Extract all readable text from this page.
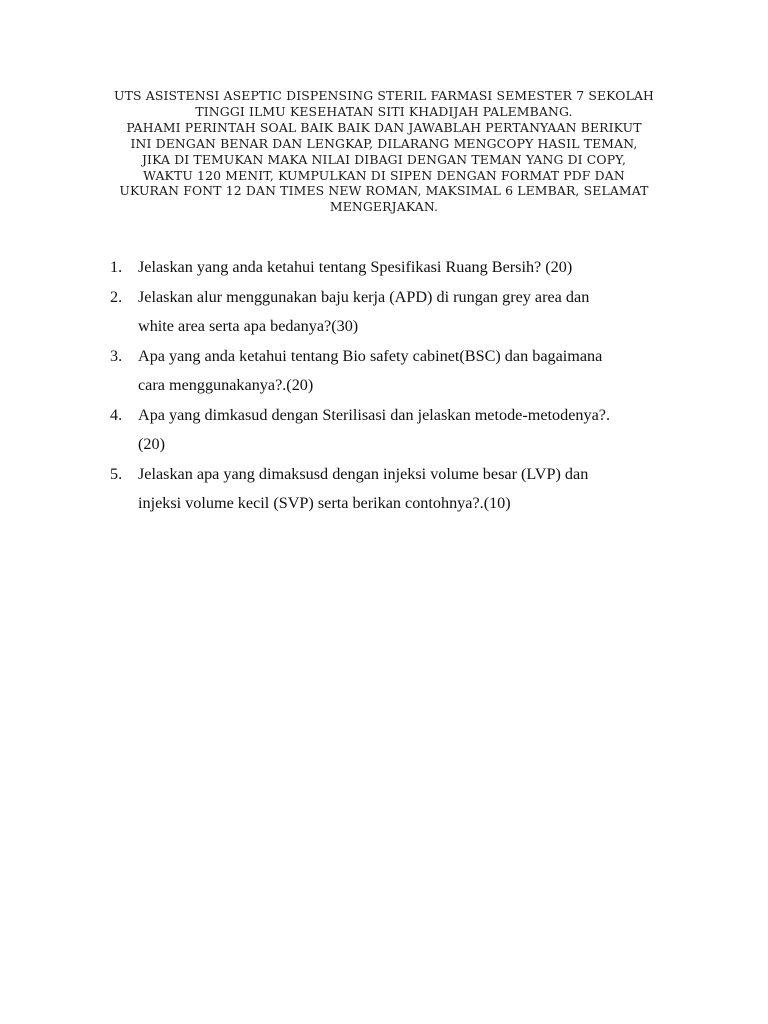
UTS ASISTENSI ASEPTIC DISPENSING STERIL FARMASI SEMESTER 7 SEKOLAH
TINGGI ILMU KESEHATAN SITI KHADIJAH PALEMBANG.
PAHAMI PERINTAH SOAL BAIK BAIK DAN JAWABLAH PERTANYAAN BERIKUT
INI DENGAN BENAR DAN LENGKAP, DILARANG MENGCOPY HASIL TEMAN,
JIKA DI TEMUKAN MAKA NILAI DIBAGI DENGAN TEMAN YANG DI COPY,
WAKTU 120 MENIT, KUMPULKAN DI SIPEN DENGAN FORMAT PDF DAN
UKURAN FONT 12 DAN TIMES NEW ROMAN, MAKSIMAL 6 LEMBAR, SELAMAT
MENGERJAKAN.
1. Jelaskan yang anda ketahui tentang Spesifikasi Ruang Bersih? (20)
2. Jelaskan alur menggunakan baju kerja (APD) di rungan grey area dan
white area serta apa bedanya?(30)
3. Apa yang anda ketahui tentang Bio safety cabinet(BSC) dan bagaimana
cara menggunakanya?.(20)
4. Apa yang dimkasud dengan Sterilisasi dan jelaskan metode-metodenya?.
(20)
5. Jelaskan apa yang dimaksusd dengan injeksi volume besar (LVP) dan
injeksi volume kecil (SVP) serta berikan contohnya?.(10)
